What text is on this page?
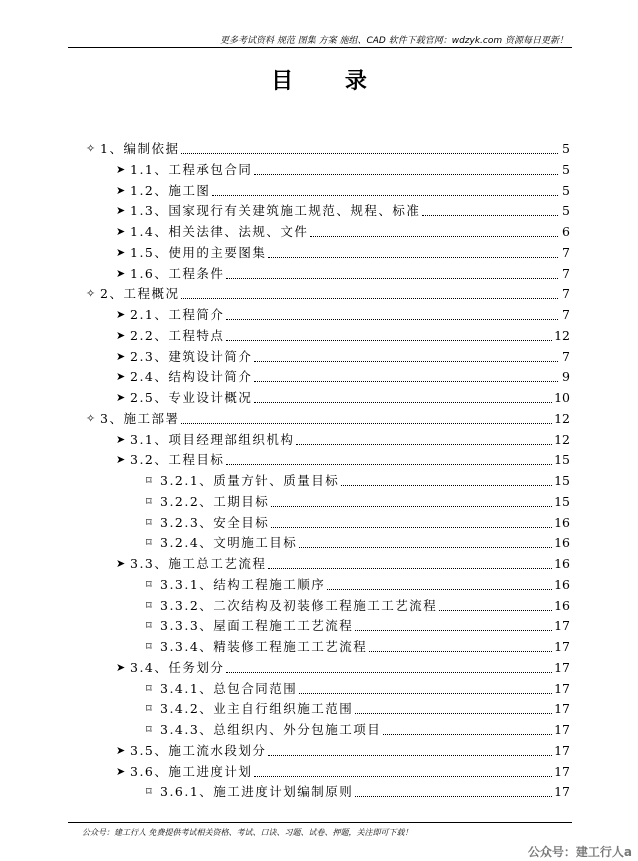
更多考试资料 规范 图集 方案 施组、CAD 软件下载官网：wdzyk.com 资源每日更新！
目 录
✧ 1、编制依据	5
➤ 1.1、工程承包合同	5
➤ 1.2、施工图	5
➤ 1.3、国家现行有关建筑施工规范、规程、标准	5
➤ 1.4、相关法律、法规、文件	6
➤ 1.5、使用的主要图集	7
➤ 1.6、工程条件	7
✧ 2、工程概况	7
➤ 2.1、工程简介	7
➤ 2.2、工程特点	12
➤ 2.3、建筑设计简介	7
➤ 2.4、结构设计简介	9
➤ 2.5、专业设计概况	10
✧ 3、施工部署	12
➤ 3.1、项目经理部组织机构	12
➤ 3.2、工程目标	15
⌑ 3.2.1、质量方针、质量目标	15
⌑ 3.2.2、工期目标	15
⌑ 3.2.3、安全目标	16
⌑ 3.2.4、文明施工目标	16
➤ 3.3、施工总工艺流程	16
⌑ 3.3.1、结构工程施工顺序	16
⌑ 3.3.2、二次结构及初装修工程施工工艺流程	16
⌑ 3.3.3、屋面工程施工工艺流程	17
⌑ 3.3.4、精装修工程施工工艺流程	17
➤ 3.4、任务划分	17
⌑ 3.4.1、总包合同范围	17
⌑ 3.4.2、业主自行组织施工范围	17
⌑ 3.4.3、总组织内、外分包施工项目	17
➤ 3.5、施工流水段划分	17
➤ 3.6、施工进度计划	17
⌑ 3.6.1、施工进度计划编制原则	17
公众号：建工行人 免费提供考试相关资格、考试、口诀、习题、试卷、押题，关注即可下载！
公众号：建工行人a
